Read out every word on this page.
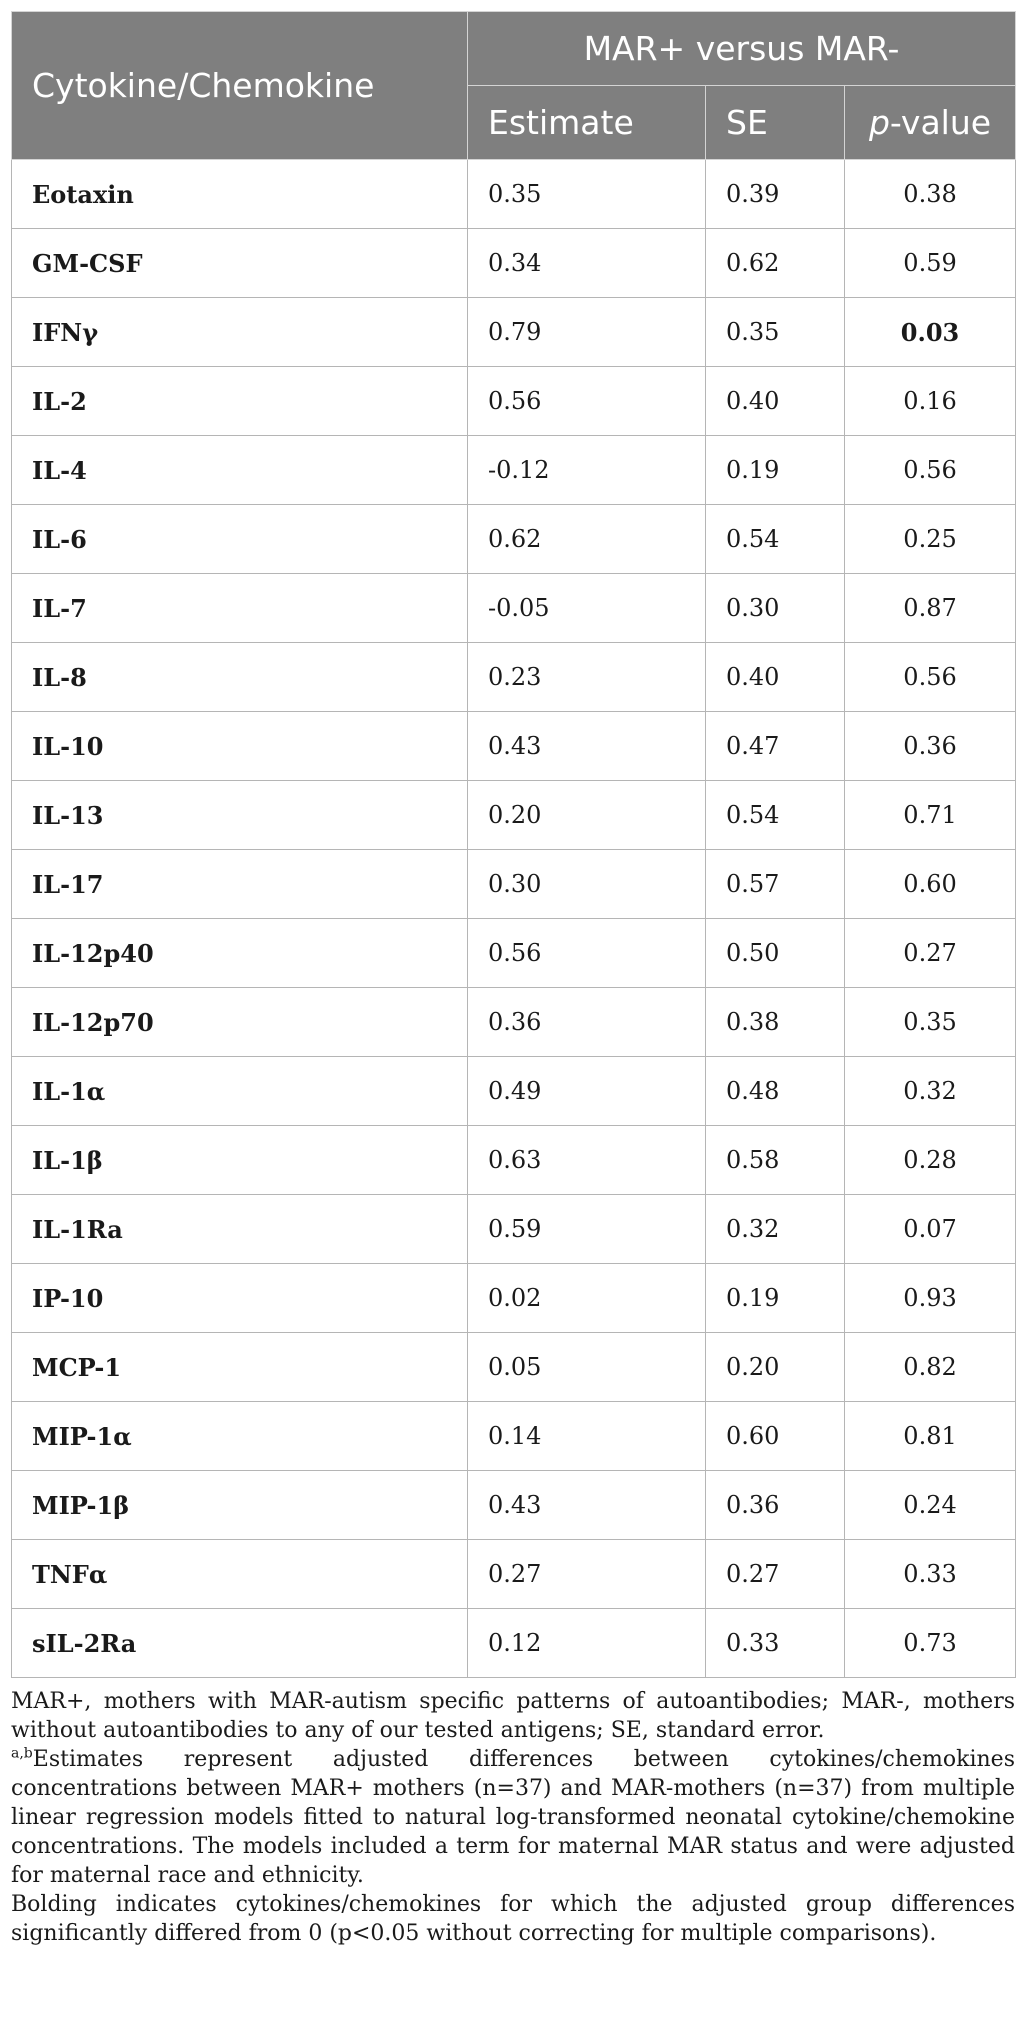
Cytokine/Chemokine	MAR+ versus MAR-		
	Estimate	SE	p-value
Eotaxin	0.35	0.39	0.38
GM-CSF	0.34	0.62	0.59
IFNγ	0.79	0.35	0.03
IL-2	0.56	0.40	0.16
IL-4	-0.12	0.19	0.56
IL-6	0.62	0.54	0.25
IL-7	-0.05	0.30	0.87
IL-8	0.23	0.40	0.56
IL-10	0.43	0.47	0.36
IL-13	0.20	0.54	0.71
IL-17	0.30	0.57	0.60
IL-12p40	0.56	0.50	0.27
IL-12p70	0.36	0.38	0.35
IL-1α	0.49	0.48	0.32
IL-1β	0.63	0.58	0.28
IL-1Ra	0.59	0.32	0.07
IP-10	0.02	0.19	0.93
MCP-1	0.05	0.20	0.82
MIP-1α	0.14	0.60	0.81
MIP-1β	0.43	0.36	0.24
TNFα	0.27	0.27	0.33
sIL-2Ra	0.12	0.33	0.73

MAR+, mothers with MAR-autism specific patterns of autoantibodies; MAR-, mothers without autoantibodies to any of our tested antigens; SE, standard error.

$^{a,b}$Estimates represent adjusted differences between cytokines/chemokines concentrations between MAR+ mothers (n=37) and MAR-mothers (n=37) from multiple linear regression models fitted to natural log-transformed neonatal cytokine/chemokine concentrations. The models included a term for maternal MAR status and were adjusted for maternal race and ethnicity.

Bolding indicates cytokines/chemokines for which the adjusted group differences significantly differed from 0 (p<0.05 without correcting for multiple comparisons).
